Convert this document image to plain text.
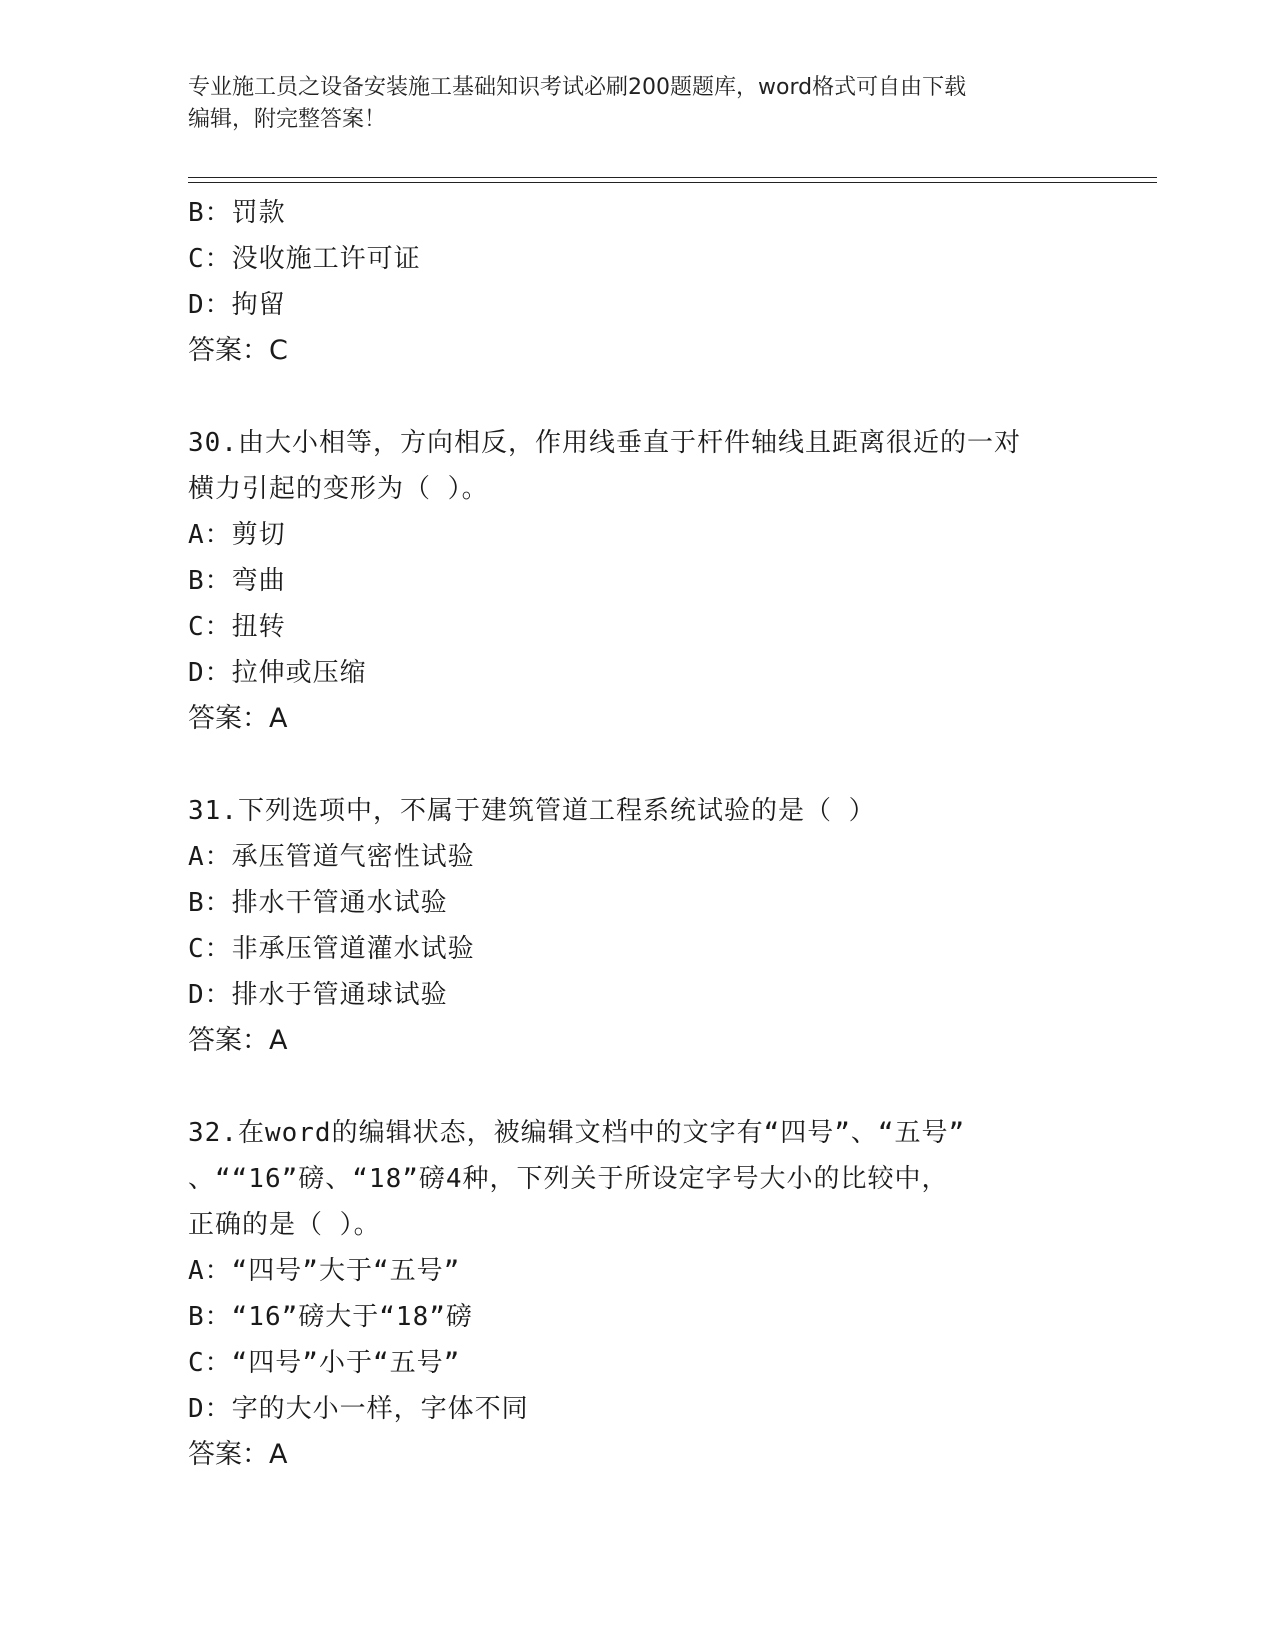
专业施工员之设备安装施工基础知识考试必刷200题题库，word格式可自由下载
编辑，附完整答案！
B：罚款
C：没收施工许可证
D：拘留
答案：C
30.由大小相等，方向相反，作用线垂直于杆件轴线且距离很近的一对
横力引起的变形为（ ）。
A：剪切
B：弯曲
C：扭转
D：拉伸或压缩
答案：A
31.下列选项中，不属于建筑管道工程系统试验的是（ ）
A：承压管道气密性试验
B：排水干管通水试验
C：非承压管道灌水试验
D：排水于管通球试验
答案：A
32.在word的编辑状态，被编辑文档中的文字有“四号”、“五号”
、““16”磅、“18”磅4种，下列关于所设定字号大小的比较中，
正确的是（ ）。
A：“四号”大于“五号”
B：“16”磅大于“18”磅
C：“四号”小于“五号”
D：字的大小一样，字体不同
答案：A
